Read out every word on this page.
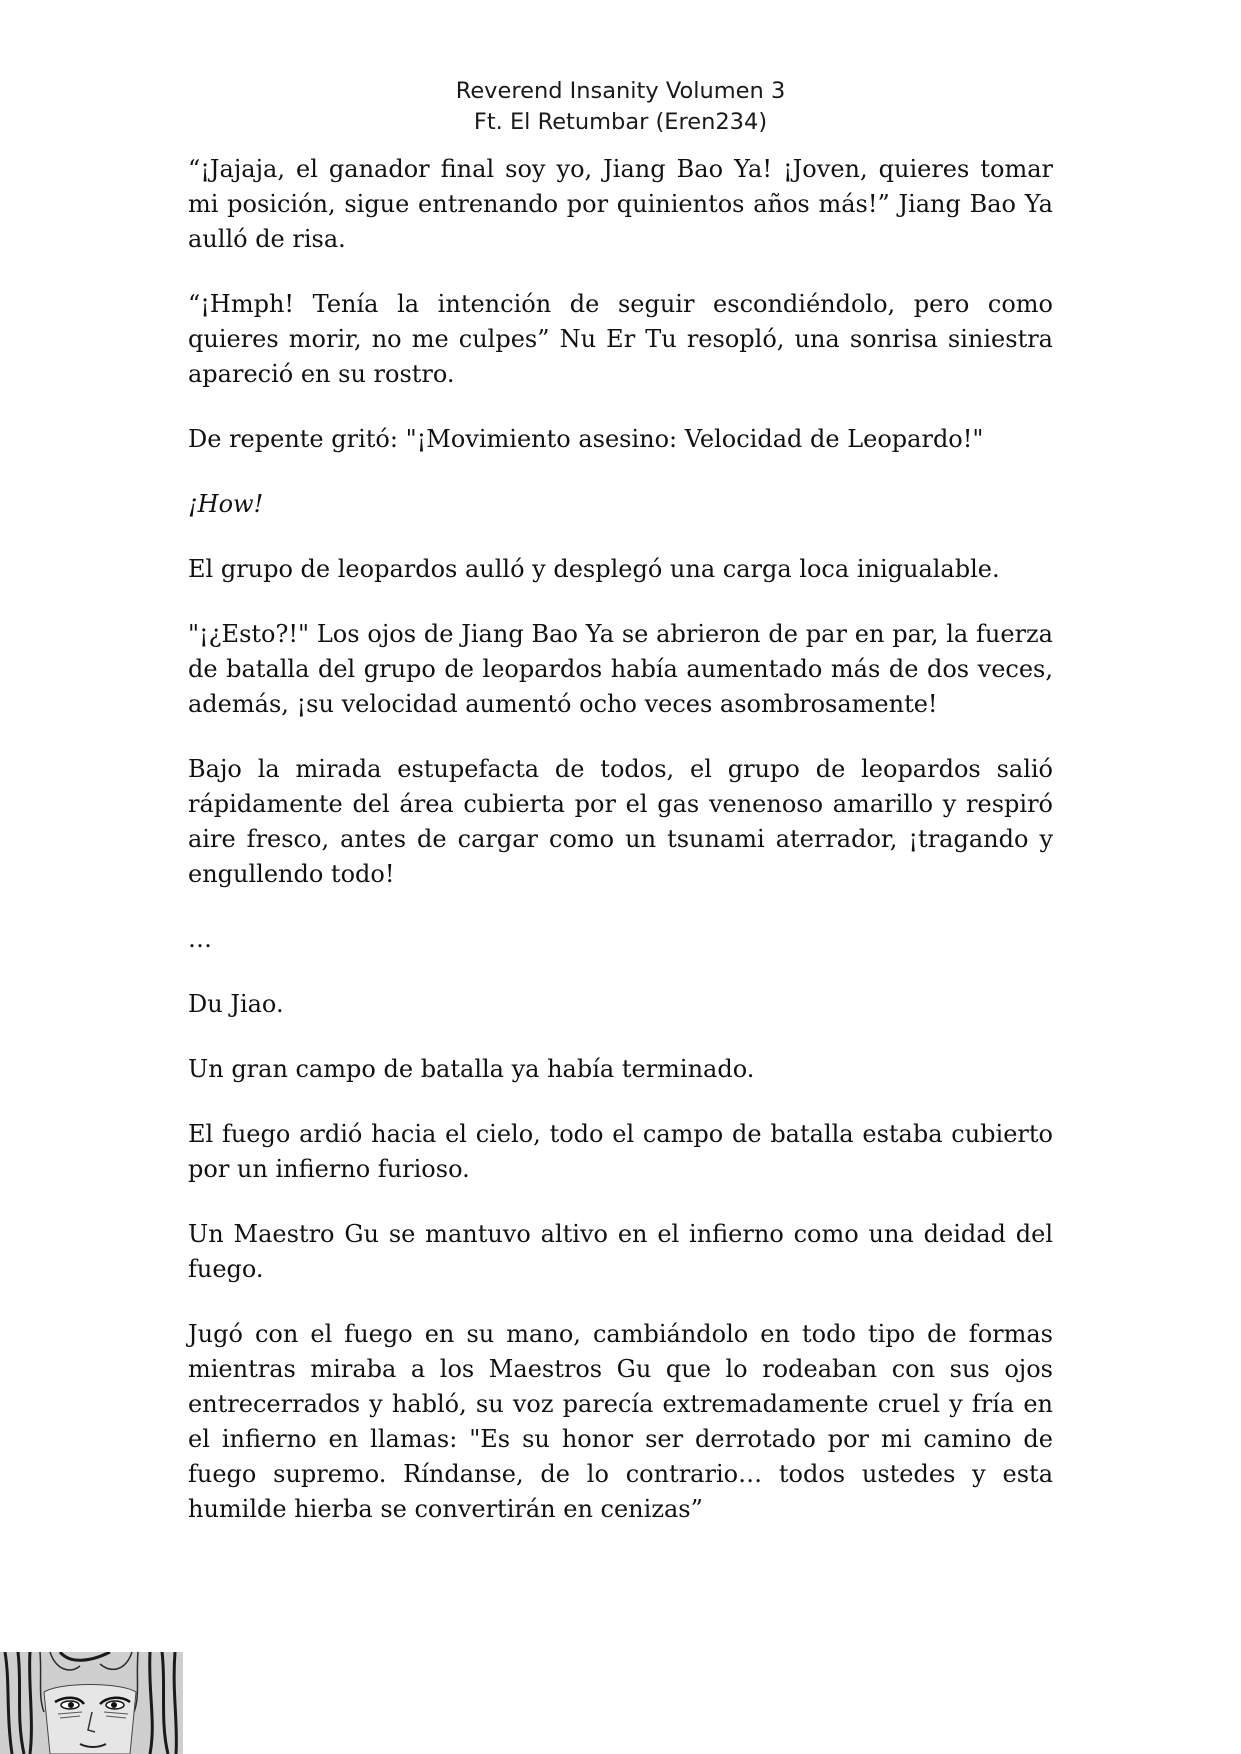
Reverend Insanity Volumen 3
Ft. El Retumbar (Eren234)

“¡Jajaja, el ganador final soy yo, Jiang Bao Ya! ¡Joven, quieres tomar mi posición, sigue entrenando por quinientos años más!” Jiang Bao Ya aulló de risa.

“¡Hmph! Tenía la intención de seguir escondiéndolo, pero como quieres morir, no me culpes” Nu Er Tu resopló, una sonrisa siniestra apareció en su rostro.

De repente gritó: "¡Movimiento asesino: Velocidad de Leopardo!"

¡How!

El grupo de leopardos aulló y desplegó una carga loca inigualable.

"¡¿Esto?!" Los ojos de Jiang Bao Ya se abrieron de par en par, la fuerza de batalla del grupo de leopardos había aumentado más de dos veces, además, ¡su velocidad aumentó ocho veces asombrosamente!

Bajo la mirada estupefacta de todos, el grupo de leopardos salió rápidamente del área cubierta por el gas venenoso amarillo y respiró aire fresco, antes de cargar como un tsunami aterrador, ¡tragando y engullendo todo!

…

Du Jiao.

Un gran campo de batalla ya había terminado.

El fuego ardió hacia el cielo, todo el campo de batalla estaba cubierto por un infierno furioso.

Un Maestro Gu se mantuvo altivo en el infierno como una deidad del fuego.

Jugó con el fuego en su mano, cambiándolo en todo tipo de formas mientras miraba a los Maestros Gu que lo rodeaban con sus ojos entrecerrados y habló, su voz parecía extremadamente cruel y fría en el infierno en llamas: "Es su honor ser derrotado por mi camino de fuego supremo. Ríndanse, de lo contrario… todos ustedes y esta humilde hierba se convertirán en cenizas”
